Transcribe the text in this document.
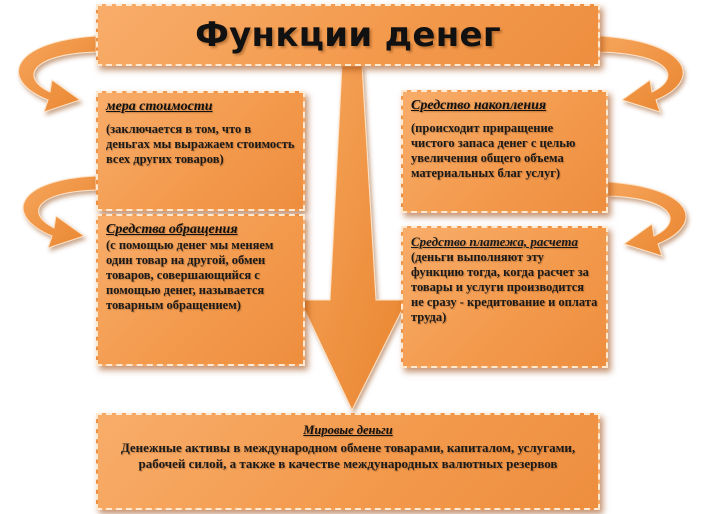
Функции денег
мера стоимости
(заключается в том, что в деньгах мы выражаем стоимость всех других товаров)
Средства обращения
(с помощью денег мы меняем один товар на другой, обмен товаров, совершающийся с помощью денег, называется товарным обращением)
Средство накопления
(происходит приращение чистого запаса денег с целью увеличения общего объема материальных благ услуг)
Средство платежа, расчета (деньги выполняют эту функцию тогда, когда расчет за товары и услуги производится не сразу - кредитование и оплата труда)
Мировые деньги
Денежные активы в международном обмене товарами, капиталом, услугами, рабочей силой, а также в качестве международных валютных резервов
